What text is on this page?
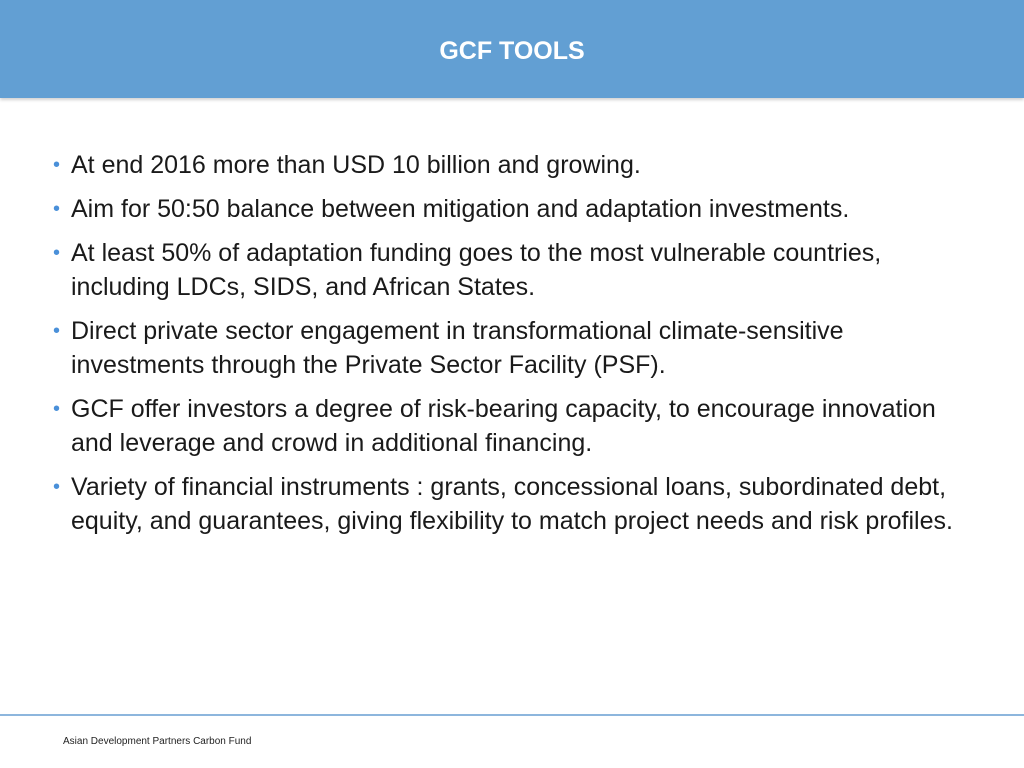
GCF TOOLS
• At end 2016 more than USD 10 billion and growing.
• Aim for 50:50 balance between mitigation and adaptation investments.
• At least 50% of adaptation funding goes to the most vulnerable countries, including LDCs, SIDS, and African States.
• Direct private sector engagement in transformational climate-sensitive investments through the Private Sector Facility (PSF).
• GCF offer investors a degree of risk-bearing capacity, to encourage innovation and leverage and crowd in additional financing.
• Variety of financial instruments : grants, concessional loans, subordinated debt, equity, and guarantees, giving flexibility to match project needs and risk profiles.
Asian Development Partners Carbon Fund
